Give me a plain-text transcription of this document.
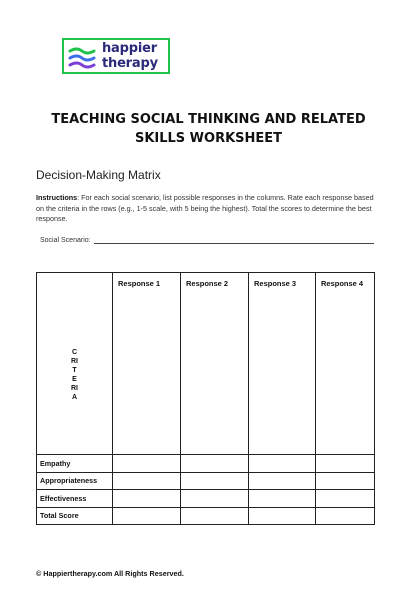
happier therapy
TEACHING SOCIAL THINKING AND RELATED SKILLS WORKSHEET
Decision-Making Matrix
Instructions: For each social scenario, list possible responses in the columns. Rate each response based on the criteria in the rows (e.g., 1-5 scale, with 5 being the highest). Total the scores to determine the best response.
Social Scenario:
CRITERIA	Response 1	Response 2	Response 3	Response 4
Empathy				
Appropriateness				
Effectiveness				
Total Score				
© Happiertherapy.com All Rights Reserved.
